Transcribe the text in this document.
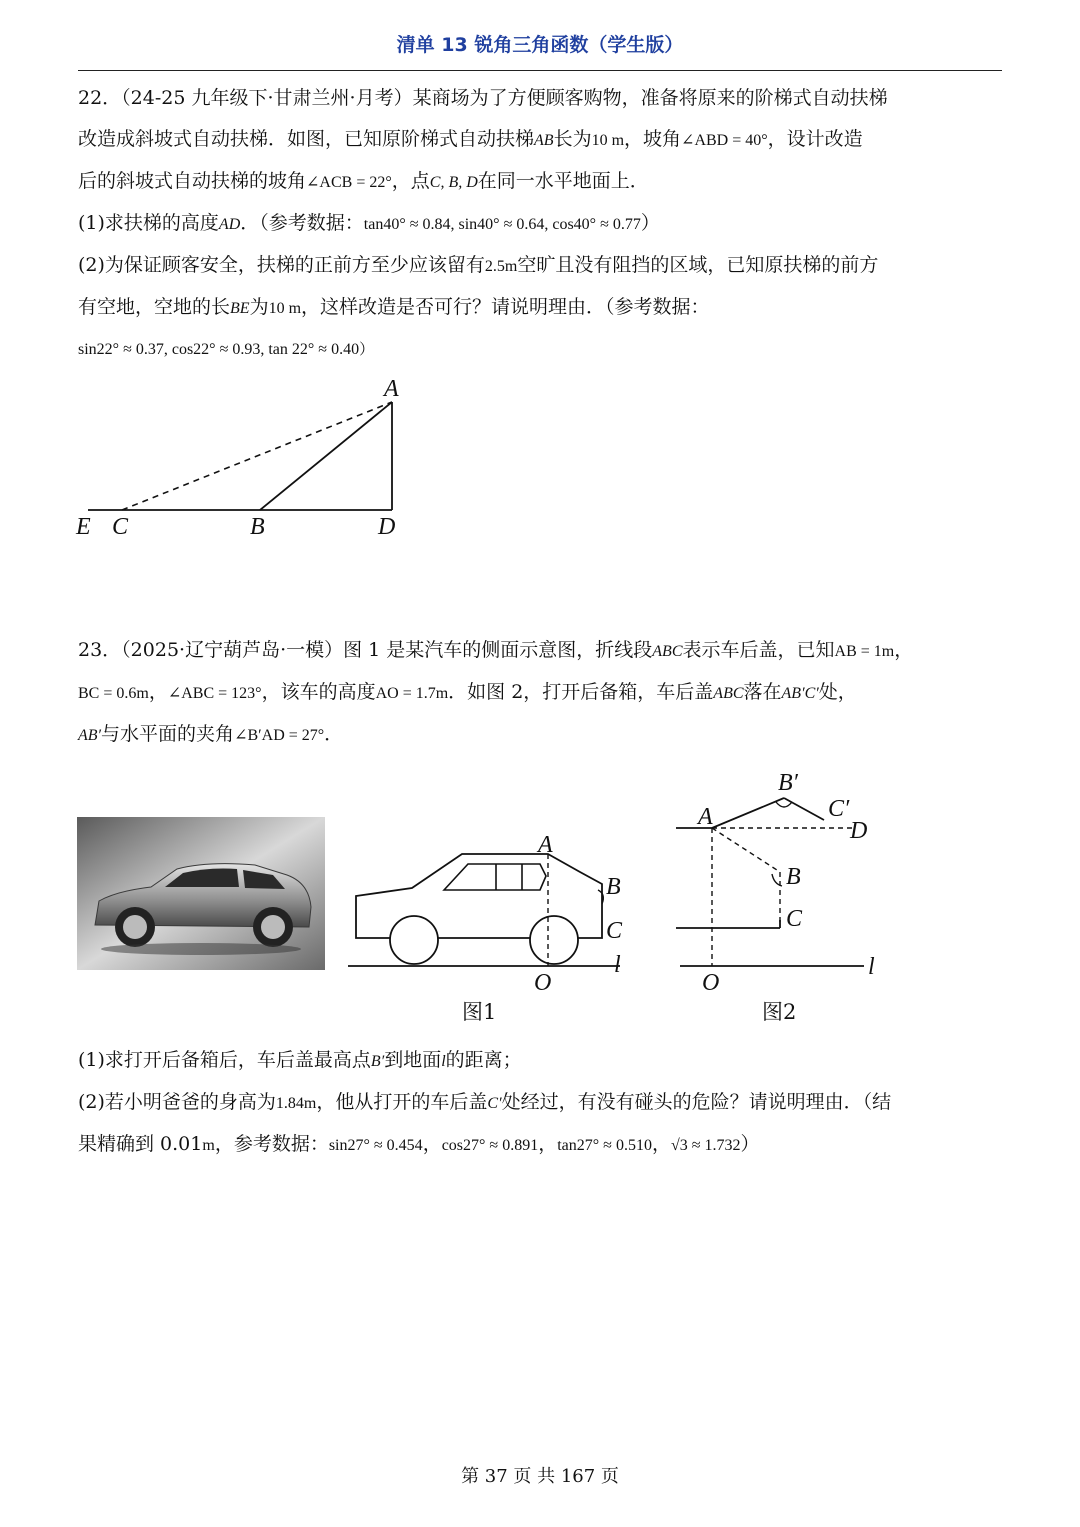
清单 13 锐角三角函数（学生版）

22．（24-25 九年级下·甘肃兰州·月考）某商场为了方便顾客购物，准备将原来的阶梯式自动扶梯

改造成斜坡式自动扶梯．如图，已知原阶梯式自动扶梯AB长为10 m，坡角∠ABD = 40°，设计改造

后的斜坡式自动扶梯的坡角∠ACB = 22°，点C, B, D在同一水平地面上．

(1)求扶梯的高度AD．（参考数据：tan40° ≈ 0.84, sin40° ≈ 0.64, cos40° ≈ 0.77）

(2)为保证顾客安全，扶梯的正前方至少应该留有2.5m空旷且没有阻挡的区域，已知原扶梯的前方

有空地，空地的长BE为10 m，这样改造是否可行？请说明理由．（参考数据：

sin22° ≈ 0.37, cos22° ≈ 0.93, tan 22° ≈ 0.40）

A
E C	B	D

23．（2025·辽宁葫芦岛·一模）图 1 是某汽车的侧面示意图，折线段ABC表示车后盖，已知AB = 1m，

BC = 0.6m，∠ABC = 123°，该车的高度AO = 1.7m．如图 2，打开后备箱，车后盖ABC落在AB′C′处，

AB′与水平面的夹角∠B′AD = 27°．

A
B
C
O
l
B′
C′
A
D
B
C
O
l
图1	图2

(1)求打开后备箱后，车后盖最高点B′到地面l的距离；

(2)若小明爸爸的身高为1.84m，他从打开的车后盖C′处经过，有没有碰头的危险？请说明理由．（结

果精确到 0.01m，参考数据：sin27° ≈ 0.454，cos27° ≈ 0.891，tan27° ≈ 0.510，√3 ≈ 1.732）

第 37 页 共 167 页
